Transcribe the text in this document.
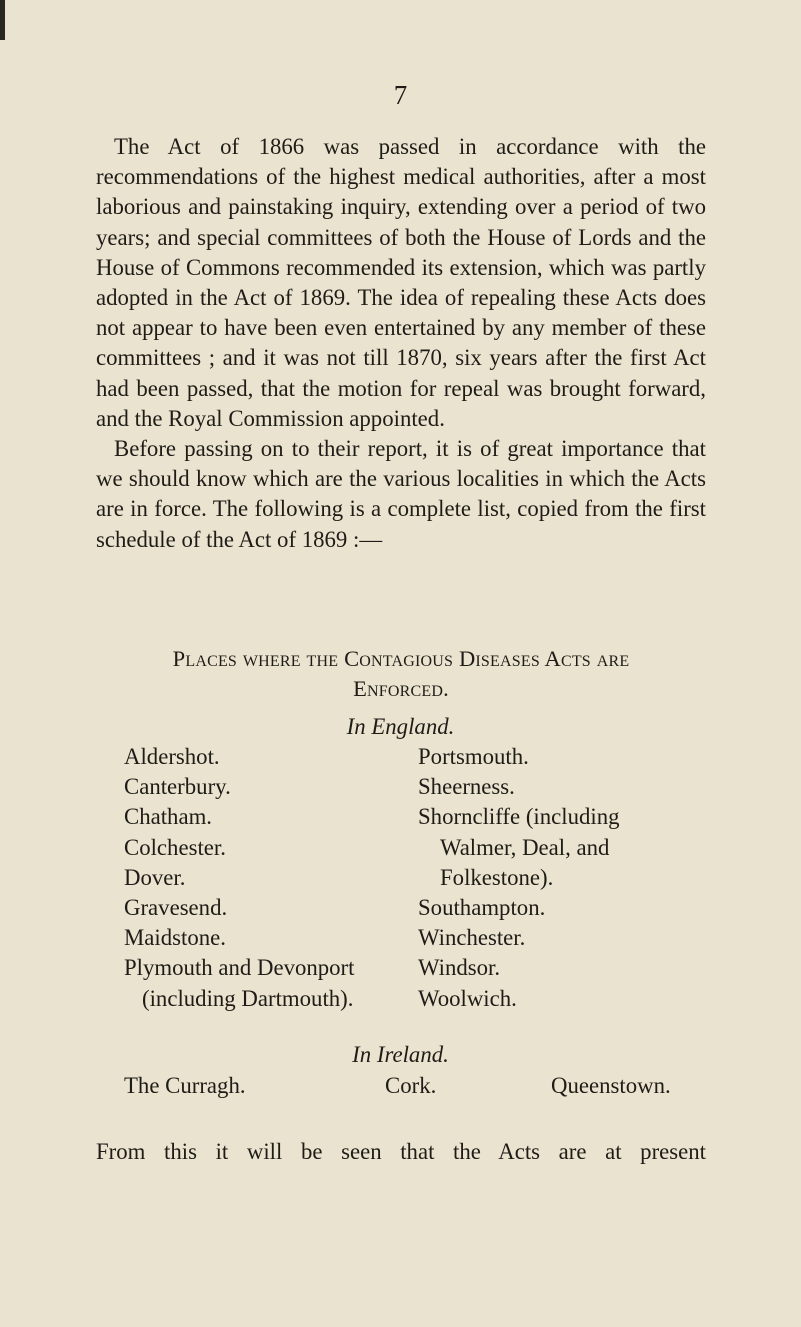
7
The Act of 1866 was passed in accordance with the recommendations of the highest medical authorities, after a most laborious and painstaking inquiry, extending over a period of two years; and special committees of both the House of Lords and the House of Commons recommended its extension, which was partly adopted in the Act of 1869. The idea of repealing these Acts does not appear to have been even entertained by any member of these committees ; and it was not till 1870, six years after the first Act had been passed, that the motion for repeal was brought forward, and the Royal Commission appointed.
Before passing on to their report, it is of great importance that we should know which are the various localities in which the Acts are in force. The following is a complete list, copied from the first schedule of the Act of 1869 :—
Places where the Contagious Diseases Acts are
Enforced.
In England.
Aldershot.
Canterbury.
Chatham.
Colchester.
Dover.
Gravesend.
Maidstone.
Plymouth and Devonport
(including Dartmouth).
Portsmouth.
Sheerness.
Shorncliffe (including
Walmer, Deal, and
Folkestone).
Southampton.
Winchester.
Windsor.
Woolwich.
In Ireland.
The Curragh.	Cork.	Queenstown.
From this it will be seen that the Acts are at present
